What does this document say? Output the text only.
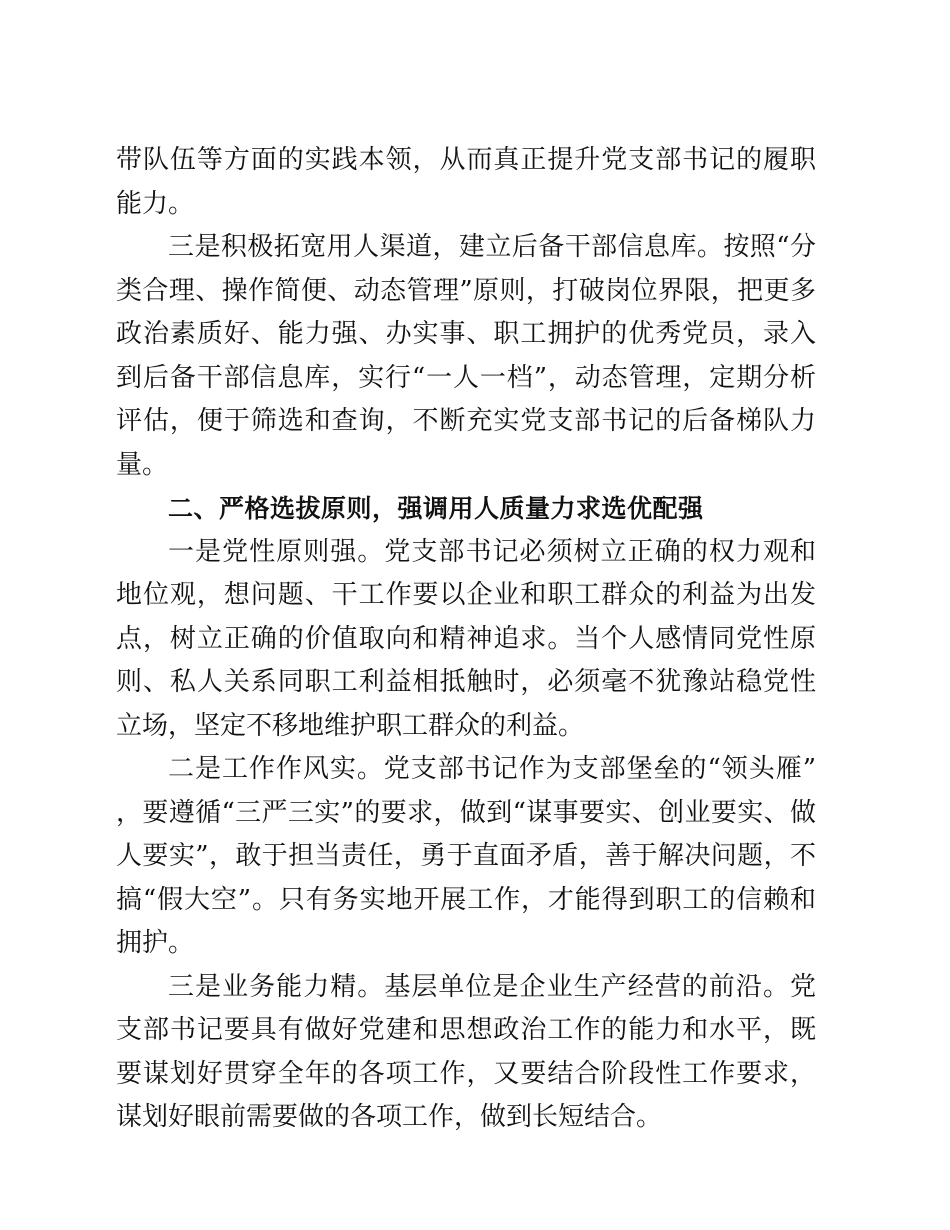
带队伍等方面的实践本领，从而真正提升党支部书记的履职能力。

三是积极拓宽用人渠道，建立后备干部信息库。按照“分类合理、操作简便、动态管理”原则，打破岗位界限，把更多政治素质好、能力强、办实事、职工拥护的优秀党员，录入到后备干部信息库，实行“一人一档”，动态管理，定期分析评估，便于筛选和查询，不断充实党支部书记的后备梯队力量。

二、严格选拔原则，强调用人质量力求选优配强

一是党性原则强。党支部书记必须树立正确的权力观和地位观，想问题、干工作要以企业和职工群众的利益为出发点，树立正确的价值取向和精神追求。当个人感情同党性原则、私人关系同职工利益相抵触时，必须毫不犹豫站稳党性立场，坚定不移地维护职工群众的利益。

二是工作作风实。党支部书记作为支部堡垒的“领头雁”，要遵循“三严三实”的要求，做到“谋事要实、创业要实、做人要实”，敢于担当责任，勇于直面矛盾，善于解决问题，不搞“假大空”。只有务实地开展工作，才能得到职工的信赖和拥护。

三是业务能力精。基层单位是企业生产经营的前沿。党支部书记要具有做好党建和思想政治工作的能力和水平，既要谋划好贯穿全年的各项工作，又要结合阶段性工作要求，谋划好眼前需要做的各项工作，做到长短结合。
